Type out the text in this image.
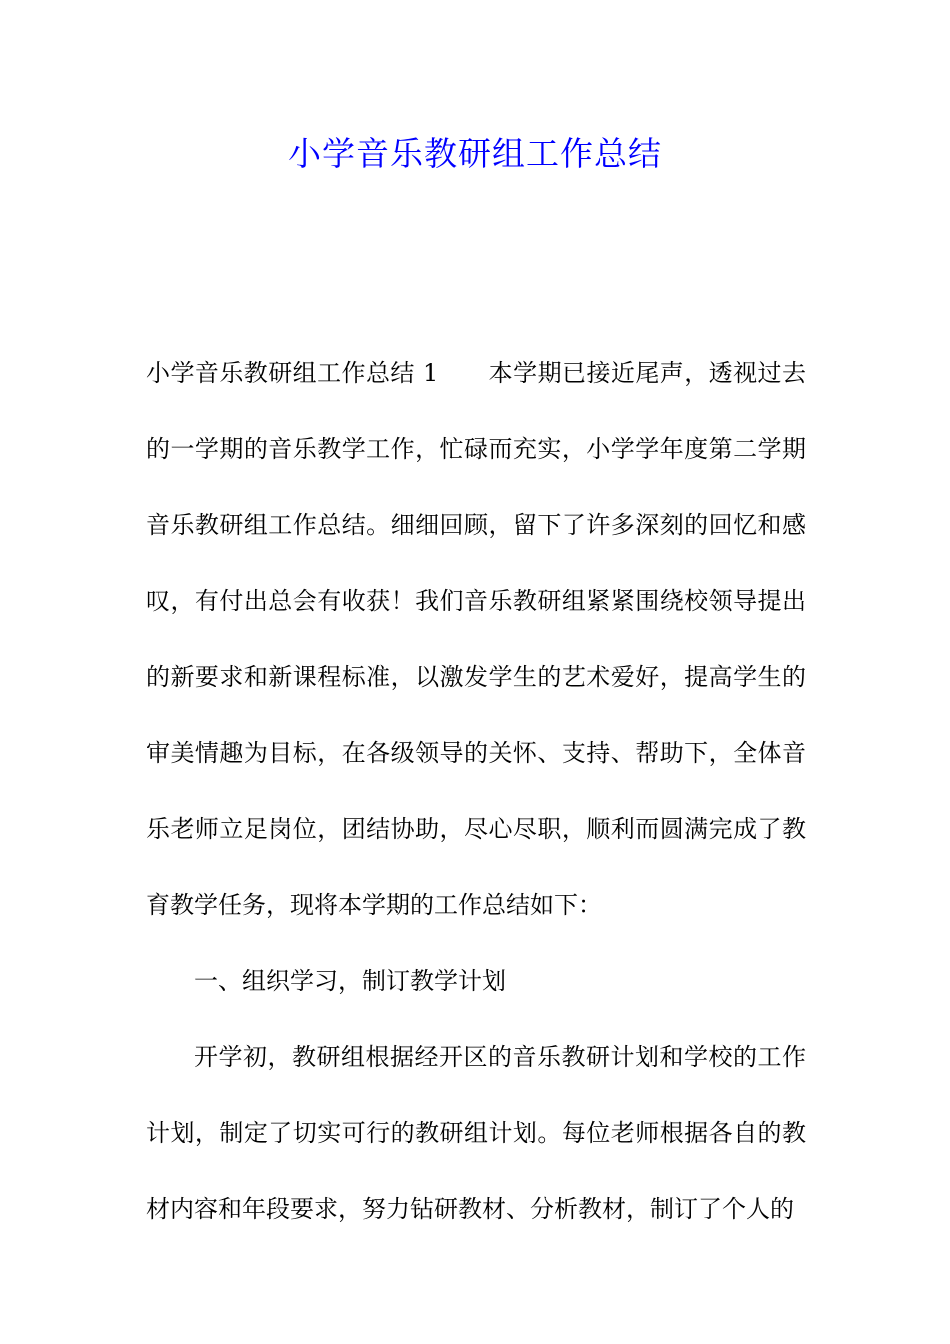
小学音乐教研组工作总结

小学音乐教研组工作总结 1 本学期已接近尾声，透视过去的一学期的音乐教学工作，忙碌而充实，小学学年度第二学期音乐教研组工作总结。细细回顾，留下了许多深刻的回忆和感叹，有付出总会有收获！我们音乐教研组紧紧围绕校领导提出的新要求和新课程标准，以激发学生的艺术爱好，提高学生的审美情趣为目标，在各级领导的关怀、支持、帮助下，全体音乐老师立足岗位，团结协助，尽心尽职，顺利而圆满完成了教育教学任务，现将本学期的工作总结如下：

一、组织学习，制订教学计划

开学初，教研组根据经开区的音乐教研计划和学校的工作计划，制定了切实可行的教研组计划。每位老师根据各自的教材内容和年段要求，努力钻研教材、分析教材，制订了个人的
